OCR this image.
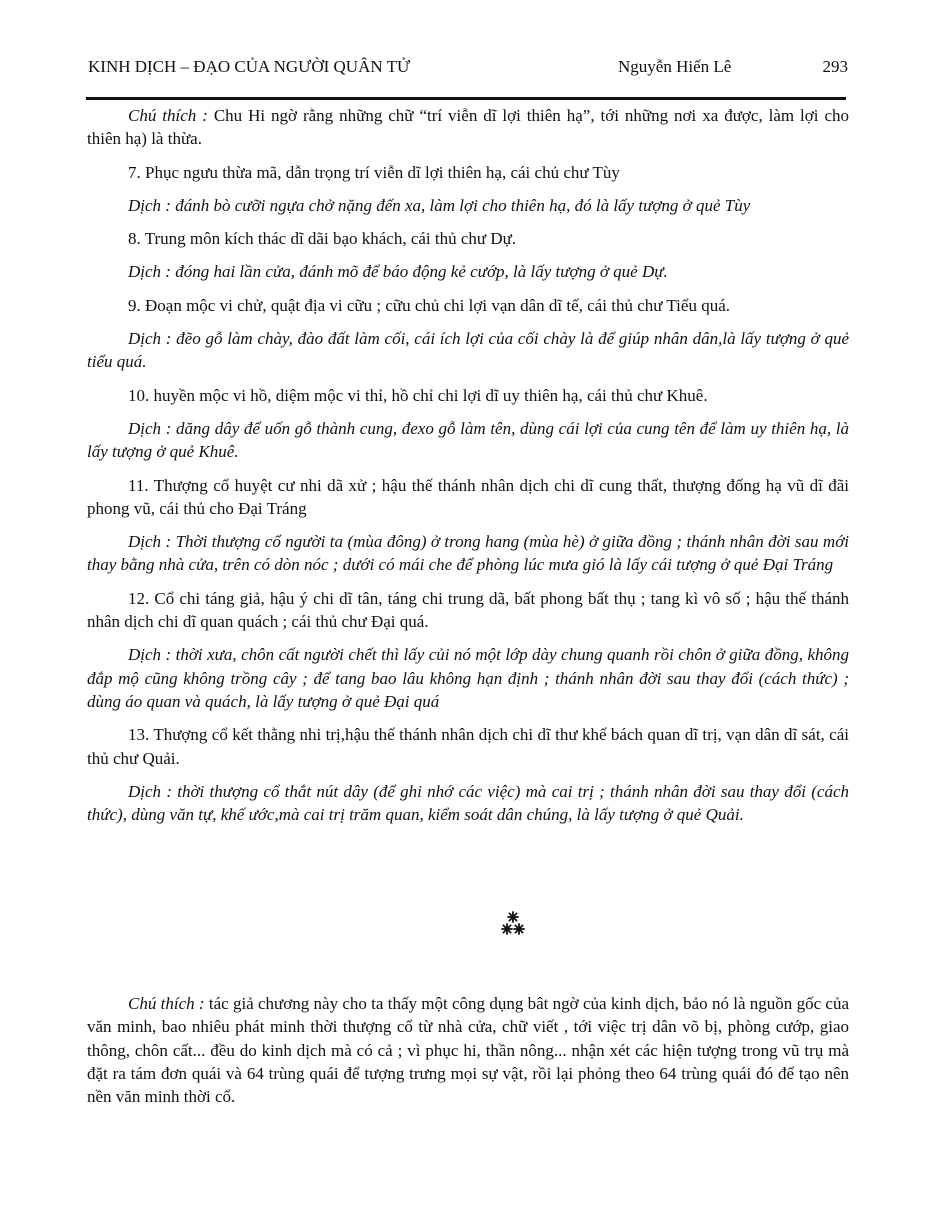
KINH DỊCH – ĐẠO CỦA NGƯỜI QUÂN TỬ	Nguyễn Hiến Lê	293

Chú thích : Chu Hi ngờ rằng những chữ “trí viễn dĩ lợi thiên hạ”, tới những nơi xa được, làm lợi cho thiên hạ) là thừa.

7. Phục ngưu thừa mã, dẫn trọng trí viễn dĩ lợi thiên hạ, cái chủ chư Tùy

Dịch : đánh bò cưỡi ngựa chở nặng đến xa, làm lợi cho thiên hạ, đó là lấy tượng ở quẻ Tùy

8. Trung môn kích thác dĩ dãi bạo khách, cái thủ chư Dự.

Dịch : đóng hai lần cửa, đánh mõ để báo động kẻ cướp, là lấy tượng ở quẻ Dự.

9. Đoạn mộc vi chử, quật địa vi cữu ; cữu chủ chi lợi vạn dân dĩ tế, cái thủ chư Tiểu quá.

Dịch : đẽo gỗ làm chày, đào đất làm cối, cái ích lợi của cối chày là để giúp nhân dân,là lấy tượng ở quẻ tiểu quá.

10. huyền mộc vi hồ, diệm mộc vi thỉ, hồ chỉ chi lợi dĩ uy thiên hạ, cái thủ chư Khuê.

Dịch : dăng dây để uốn gỗ thành cung, đexo gỗ làm tên, dùng cái lợi của cung tên để làm uy thiên hạ, là lấy tượng ở quẻ Khuê.

11. Thượng cổ huyệt cư nhi dã xử ; hậu thế thánh nhân dịch chi dĩ cung thất, thượng đống hạ vũ dĩ đãi phong vũ, cái thủ cho Đại Tráng

Dịch : Thời thượng cổ người ta (mùa đông) ở trong hang (mùa hè) ở giữa đồng ; thánh nhân đời sau mới thay bằng nhà cửa, trên có dòn nóc ; dưới có mái che để phòng lúc mưa gió là lấy cái tượng ở quẻ Đại Tráng

12. Cổ chi táng giả, hậu ý chi dĩ tân, táng chi trung dã, bất phong bất thụ ; tang kì vô số ; hậu thế thánh nhân dịch chi dĩ quan quách ; cái thủ chư Đại quá.

Dịch : thời xưa, chôn cất người chết thì lấy củi nó một lớp dày chung quanh rồi chôn ở giữa đồng, không đắp mộ cũng không trồng cây ; để tang bao lâu không hạn định ; thánh nhân đời sau thay đổi (cách thức) ; dùng áo quan và quách, là lấy tượng ở quẻ Đại quá

13. Thượng cổ kết thằng nhi trị,hậu thế thánh nhân dịch chi dĩ thư khế bách quan dĩ trị, vạn dân dĩ sát, cái thủ chư Quải.

Dịch : thời thượng cổ thắt nút dây (để ghi nhớ các việc) mà cai trị ; thánh nhân đời sau thay đổi (cách thức), dùng văn tự, khế ước,mà cai trị trăm quan, kiểm soát dân chúng, là lấy tượng ở quẻ Quải.

Chú thích : tác giả chương này cho ta thấy một công dụng bât ngờ của kinh dịch, bảo nó là nguồn gốc của văn minh, bao nhiêu phát minh thời thượng cổ từ nhà cửa, chữ viết , tới việc trị dân võ bị, phòng cướp, giao thông, chôn cất... đều do kinh dịch mà có cả ; vì phục hi, thần nông... nhận xét các hiện tượng trong vũ trụ mà đặt ra tám đơn quái và 64 trùng quái để tượng trưng mọi sự vật, rồi lại phỏng theo 64 trùng quái đó để tạo nên nền văn minh thời cổ.
